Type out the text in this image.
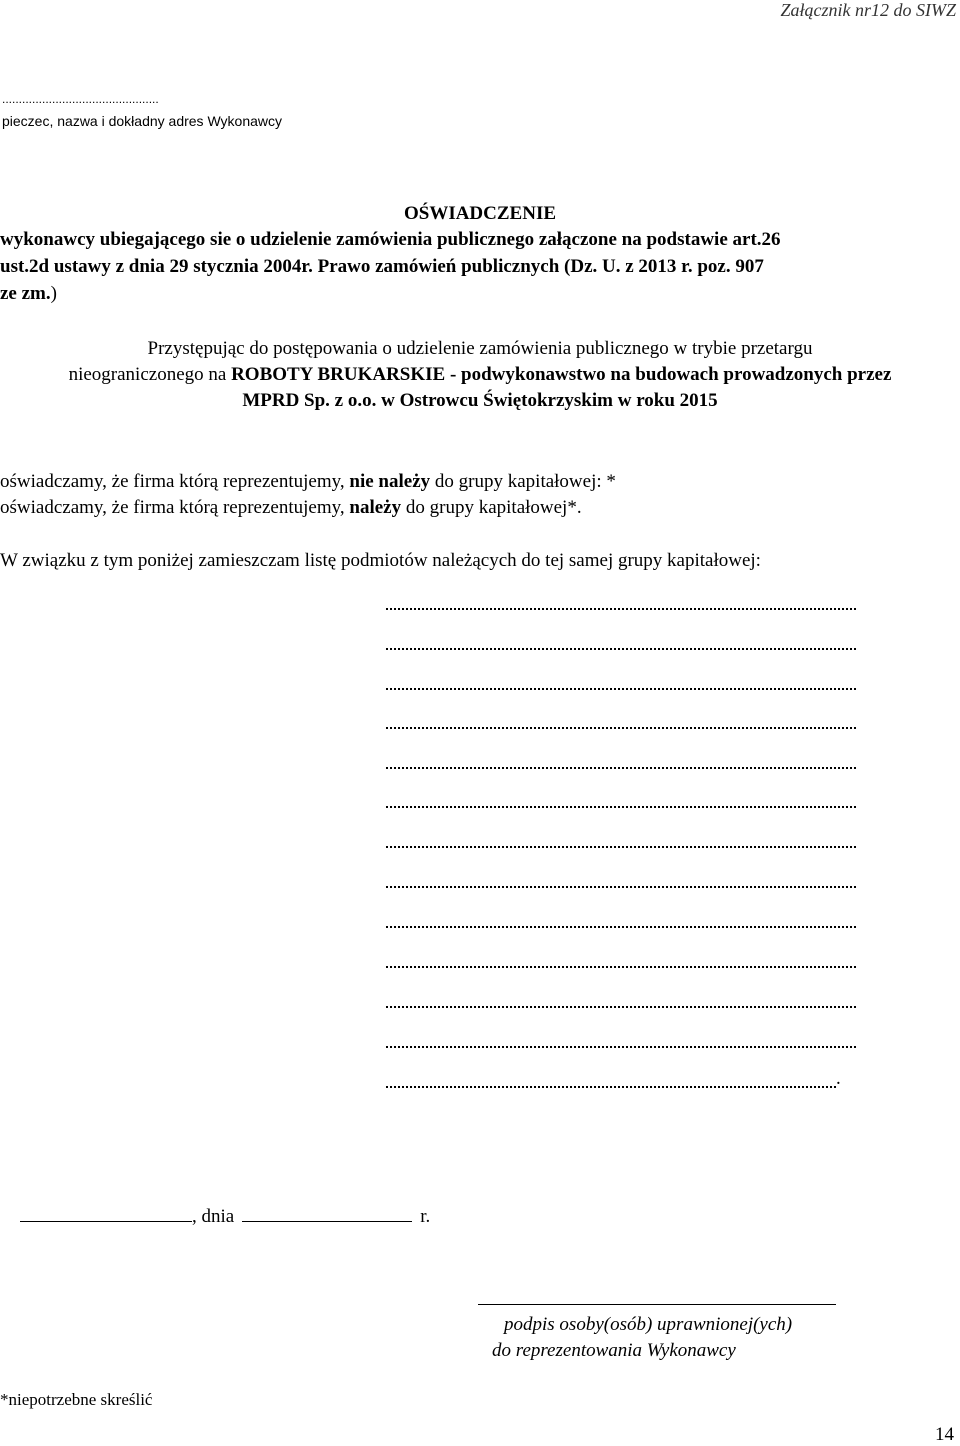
Załącznik nr12 do SIWZ
...............................................
pieczec, nazwa i dokładny adres Wykonawcy
OŚWIADCZENIE
wykonawcy ubiegającego sie o udzielenie zamówienia publicznego załączone na podstawie art.26
ust.2d ustawy z dnia 29 stycznia 2004r. Prawo zamówień publicznych (Dz. U. z 2013 r. poz. 907
ze zm.)
Przystępując do postępowania o udzielenie zamówienia publicznego w trybie przetargu
nieograniczonego na ROBOTY BRUKARSKIE - podwykonawstwo na budowach prowadzonych przez
MPRD Sp. z o.o. w Ostrowcu Świętokrzyskim w roku 2015
oświadczamy, że firma którą reprezentujemy, nie należy do grupy kapitałowej: *
oświadczamy, że firma którą reprezentujemy, należy do grupy kapitałowej*.
W związku z tym poniżej zamieszczam listę podmiotów należących do tej samej grupy kapitałowej:
.
, dnia	r.
podpis osoby(osób) uprawnionej(ych)
do reprezentowania Wykonawcy
*niepotrzebne skreślić
14
